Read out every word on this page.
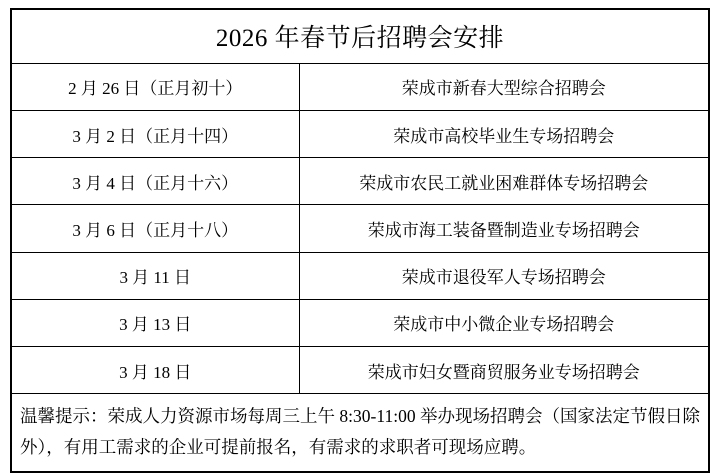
2026 年春节后招聘会安排	
2 月 26 日（正月初十）	荣成市新春大型综合招聘会
3 月 2 日（正月十四）	荣成市高校毕业生专场招聘会
3 月 4 日（正月十六）	荣成市农民工就业困难群体专场招聘会
3 月 6 日（正月十八）	荣成市海工装备暨制造业专场招聘会
3 月 11 日	荣成市退役军人专场招聘会
3 月 13 日	荣成市中小微企业专场招聘会
3 月 18 日	荣成市妇女暨商贸服务业专场招聘会
温馨提示：荣成人力资源市场每周三上午 8:30-11:00 举办现场招聘会（国家法定节假日除外），有用工需求的企业可提前报名，有需求的求职者可现场应聘。	
